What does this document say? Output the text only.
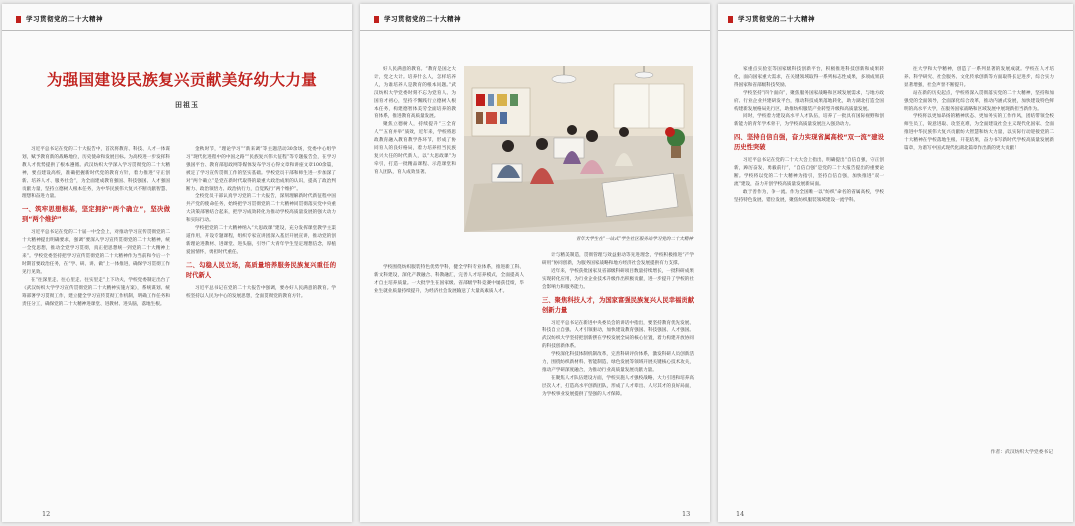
学习贯彻党的二十大精神
为强国建设民族复兴贡献美好幼大力量
田祖玉

习近平总书记在党的二十大报告中，首次将教育、科技、人才一体谋划，赋予教育新的战略地位，历史使命和发展目标。为高校进一步发挥科教人才优势提供了根本遵循。武汉纺织大学深入学习贯彻党的二十大精神，要点建设高校，准确把握新时代党的教育方针，着力推进“守正创新、培养人才、服务社会”，为全面建成教育强国、科技强国、人才强国贡献力量，坚持立德树人根本任务，为中华民族伟大复兴不断贡献智慧、理想和奋进力量。

一、筑牢思想根基，坚定拥护“两个确立”，坚决做到“两个维护”

习近平总书记在党的二十届一中全会上，对推动学习宣传贯彻党的二十大精神提出明确要求，强调“要深入学习宣传贯彻党的二十大精神，统一全党思想，推动全党学习贯彻，真正把思想统一到党的二十大精神上来”。学校党委坚持把学习宣传贯彻党的二十大精神作为当前和今后一个时期首要政治任务，在“学、研、讲、做”上一体推进，确保学习贯彻工作见行见效。

在“往深里走、往心里走、往实里走”上下功夫，学校党委制定出台了《武汉纺织大学学习宣传贯彻党的二十大精神实施方案》，系统谋划、统筹部署学习贯彻工作，建立健全学习宣传贯彻工作机制，明确工作任务和责任分工，确保党的二十大精神进课堂、进教材、进头脑，落地生根。

金秋时节，“理论学习”“新来调”等主题活动30余场，党委中心组学习“现代化进程中的中国之路”“民族复兴伟大征程”等专题报告会，在学习强国平台、教育部思政网等媒体发布学习心得文章和讲座文章100余篇，被定了学习宣传贯彻工作的坚实基础。学校党员干部和师生进一步加深了对“两个确立”是党在新时代取得的最重大政治成果的认识，提高了政治判断力、政治领悟力、政治执行力，自觉践行“两个维护”。

全校党员干部认真学习党的二十大报告，深刻理解新时代新征程中国共产党的使命任务，始终把学习贯彻党的二十大精神同贯彻落实党中央重大决策部署结合起来，把学习成效转化为推动学校高质量发展的强大动力和实际行动。

学校把党的二十大精神纳入“大思政课”建设，充分发挥课堂教学主渠道作用，开设专题课程，组织专家宣讲团深入基层开展宣讲，推动党的创新理论进教材、进课堂、进头脑，引导广大青年学生坚定理想信念，厚植爱国情怀，勇担时代重任。

二、勾稳人民立场，高质量培养服务民族复兴重任的时代新人

习近平总书记在党的二十大报告中强调，要办好人民满意的教育。学校坚持以人民为中心的发展思想，全面贯彻党的教育方针。

12
学习贯彻党的二十大精神

好人民满意的教育。“教育是国之大计，党之大计。培养什么人，怎样培养人，为谁培养人是教育的根本问题。”武汉纺织大学党委时刻不忘为党育人、为国育才初心，坚持不懈践行立德树人根本任务，构建德智体美劳全面培养的教育体系，推进教育高质量发展。

聚焦立德树人，持续提升“三全育人”“五育并举”质效，近年来，学校将思政教育融入教育教学各环节，形成了协同育人的良好格局，着力培养担当民族复兴大任的时代新人，以“大思政课”为牵引，打造一批精品课程、示范课堂和育人团队，育人成效显著。

青年大学生在“一站式”学生社区服务站学习党的二十大精神

学校围绕纺织服装特色优势学科，健全学科专业体系，推进新工科、新文科建设，深化产教融合、科教融汇，完善人才培养模式，全面提高人才自主培养质量。一大批学生在国家级、省部级学科竞赛中屡获佳绩，毕业生就业质量持续提升，为经济社会发展输送了大量高素质人才。

计与精美制造，贯彻管理与效益驱动等先进理念，学校积极推进“产学研用”协同创新，为服务国家战略和地方经济社会发展提供有力支撑。

近年来，学校获批国家及省部级科研项目数量持续增长，一批科研成果实现转化应用，为行业企业技术升级作出积极贡献，进一步提升了学校的社会影响力和服务能力。

三、聚焦科技人才，为国家富强民族复兴人民幸福贡献创新力量

习近平总书记在新进中央委员会的讲话中指出，要坚持教育优先发展、科技自立自强、人才引领驱动，加快建设教育强国、科技强国、人才强国。武汉纺织大学坚持把创新摆在学校发展全局的核心位置，着力构建开放协同的科技创新体系。

学校深化科技体制机制改革，完善科研评价体系，激发科研人员创新活力，围绕纺织新材料、智能制造、绿色发展等领域开展关键核心技术攻关，推动产学研深度融合，为推动行业高质量发展贡献力量。

在聚焦人才队伍建设方面，学校实施人才强校战略，大力引进和培养高层次人才，打造高水平创新团队，形成了人才辈出、人尽其才的良好局面，为学校事业发展提供了坚强的人才保障。

13
学习贯彻党的二十大精神

家重点实验室等国家级科技创新平台，积极推进科技创新和成果转化，面向国家重大需求，在关键领域取得一系列标志性成果，多项成果获得国家和省部级科技奖励。

学校坚持“四个面向”，聚焦服务国家战略和区域发展需求，与地方政府、行业企业共建研发平台，推动科技成果落地转化，助力湖北打造全国构建新发展格局先行区，助推纺织服装产业转型升级和高质量发展。

同时，学校着力建设高水平人才队伍，培养了一批具有国际视野和创新能力的青年学术骨干，为学校高质量发展注入强劲动力。

四、坚持自信自强，奋力实现省属高校“双一流”建设历史性突破

习近平总书记在党的二十大大会上指出，明确提出“自信自强，守正创新，踔厉奋发，勇毅前行”，“自信自强”是党的二十大报告提出的重要论断。学校将以党的二十大精神为指引，坚持自信自强，加快推进“双一流”建设，奋力开创学校高质量发展新局面。

敢于善作为，争一流。作为全国唯一以“纺织”命名的省属高校，学校坚持特色发展、错位发展，聚焦纺织服装领域建设一流学科。

往大学和大学精神，创造了一系列显著的发展成就。学校在人才培养、科学研究、社会服务、文化传承创新等方面取得长足进步，综合实力显著增强，社会声誉不断提升。

站在新的历史起点，学校将深入贯彻落实党的二十大精神，坚持和加强党的全面领导，全面深化综合改革，推动内涵式发展，加快建设特色鲜明的高水平大学，在服务国家战略和区域发展中展现新担当新作为。

学校将以更加昂扬的精神状态、更加务实的工作作风，团结带领全校师生员工，锐意进取、攻坚克难，为全面建设社会主义现代化国家、全面推进中华民族伟大复兴贡献纺大智慧和纺大力量，以实际行动迎接党的二十大精神在学校落地生根、开花结果，奋力书写新时代学校高质量发展新篇章，为谱写中国式现代化湖北篇章作出新的更大贡献！

作者：武汉纺织大学党委书记
14
